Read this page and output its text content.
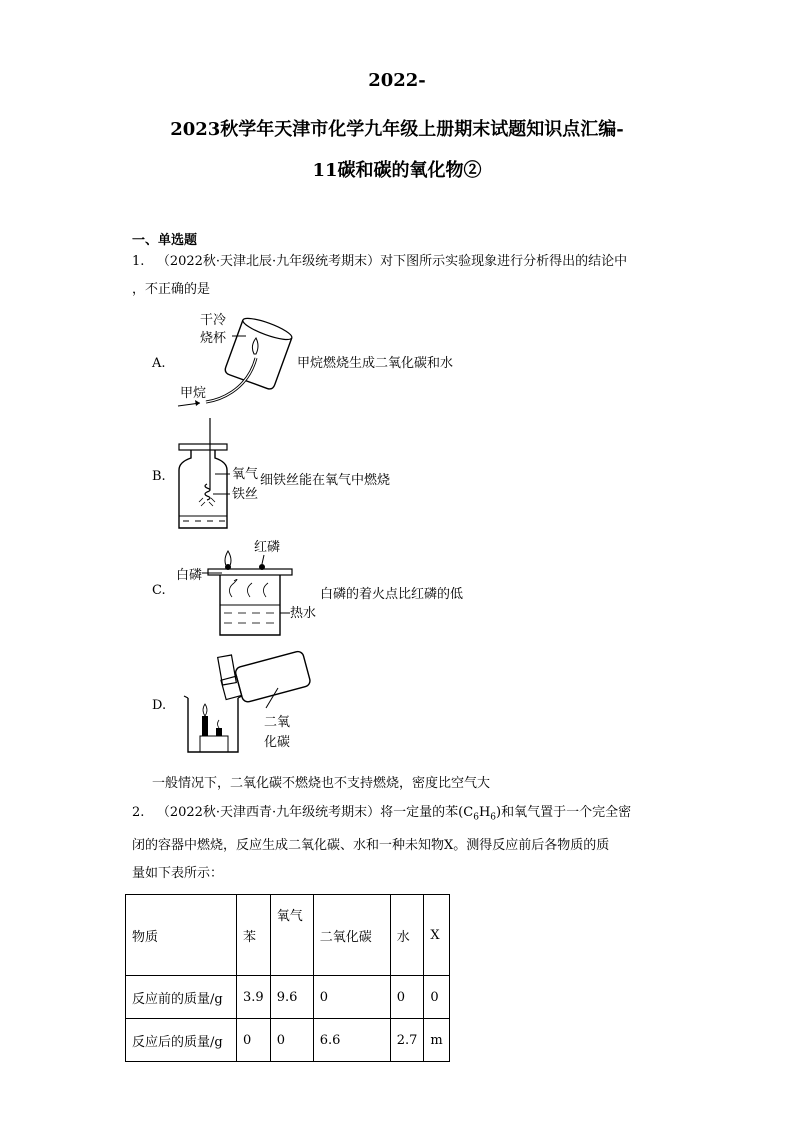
2022-
2023秋学年天津市化学九年级上册期末试题知识点汇编-
11碳和碳的氧化物②
一、单选题
1. （2022秋·天津北辰·九年级统考期末）对下图所示实验现象进行分析得出的结论中
，不正确的是
A.
干冷
烧杯
甲烷
甲烷燃烧生成二氧化碳和水
B.	氧气
铁丝
细铁丝能在氧气中燃烧
C.
红磷
白磷
热水
白磷的着火点比红磷的低
D.
二氧
化碳
一般情况下，二氧化碳不燃烧也不支持燃烧，密度比空气大
2. （2022秋·天津西青·九年级统考期末）将一定量的苯$(C_6H_6)$和氧气置于一个完全密
闭的容器中燃烧，反应生成二氧化碳、水和一种未知物X。测得反应前后各物质的质
量如下表所示：
物质	苯	氧气	二氧化碳	水	X
反应前的质量/g	3.9	9.6	0	0	0
反应后的质量/g	0	0	6.6	2.7	m
